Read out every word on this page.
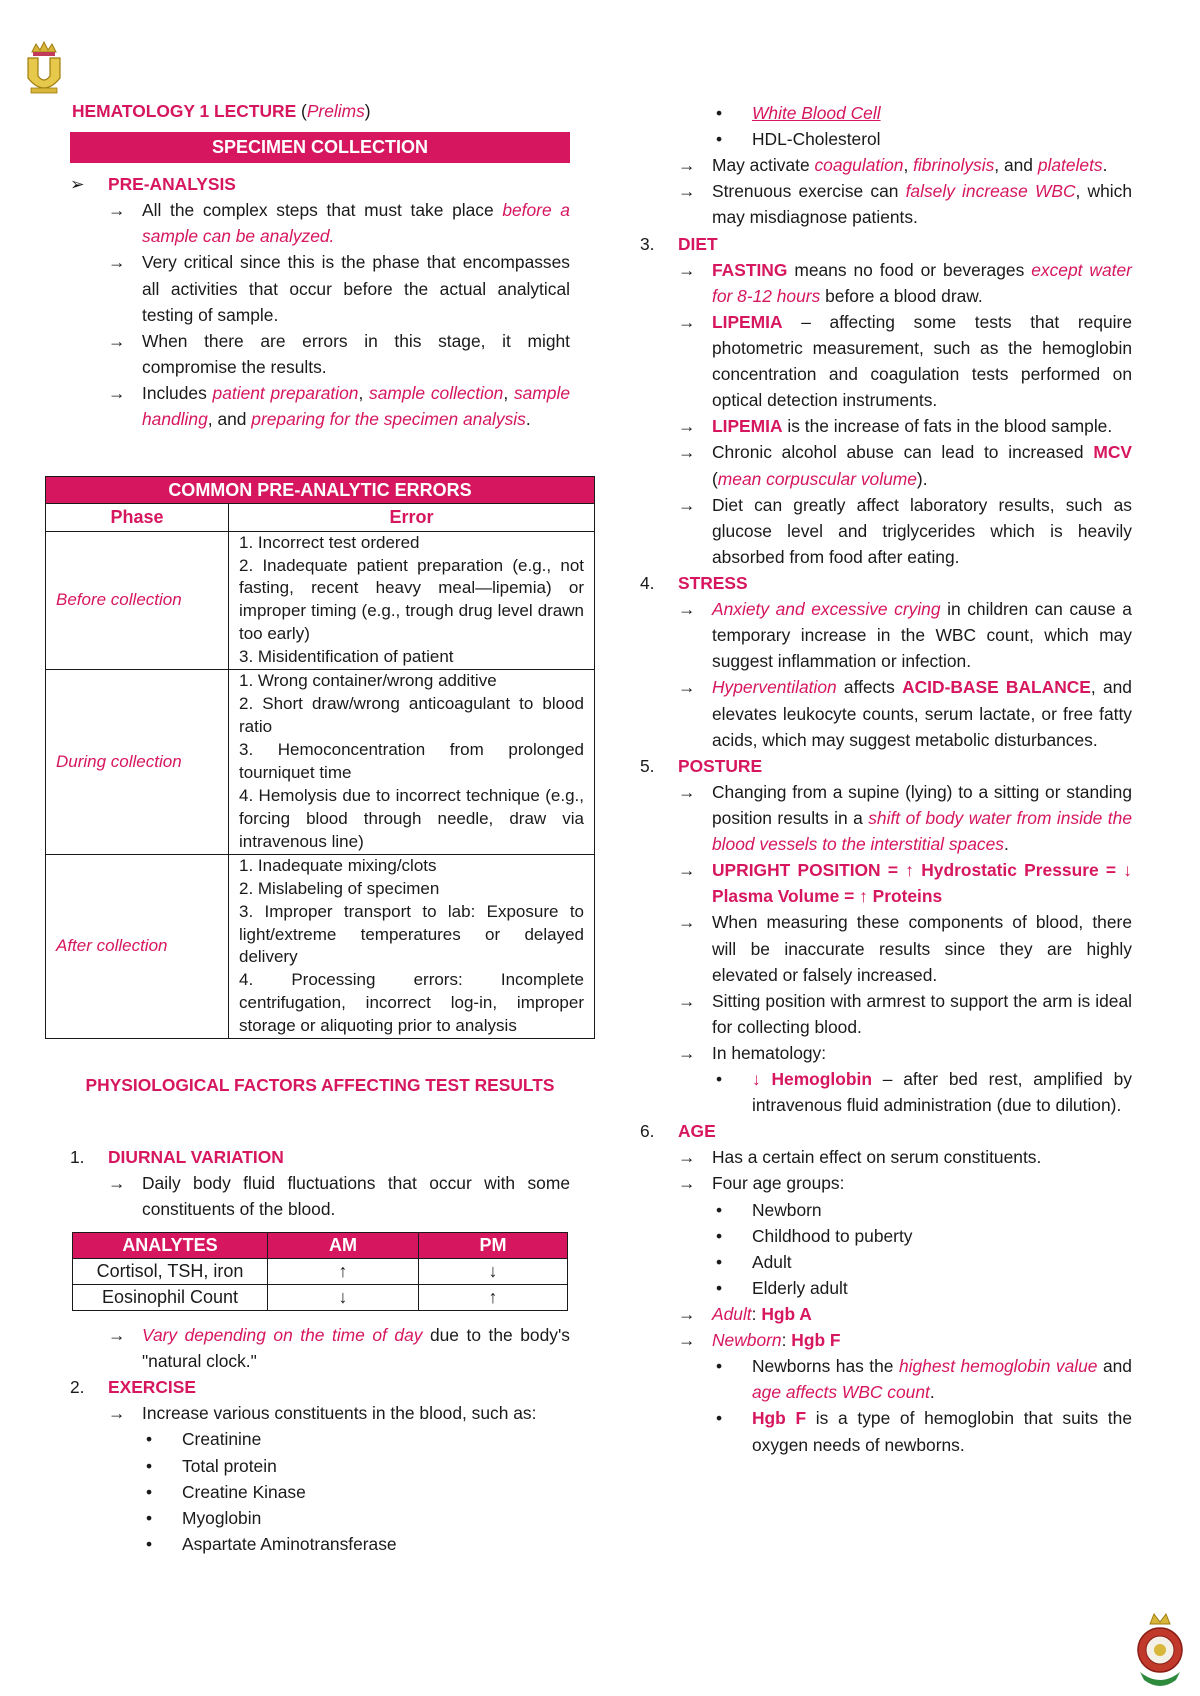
HEMATOLOGY 1 LECTURE (Prelims)
SPECIMEN COLLECTION
➢	PRE-ANALYSIS
→ All the complex steps that must take place before a sample can be analyzed.
→ Very critical since this is the phase that encompasses all activities that occur before the actual analytical testing of sample.
→ When there are errors in this stage, it might compromise the results.
→ Includes patient preparation, sample collection, sample handling, and preparing for the specimen analysis.
COMMON PRE-ANALYTIC ERRORS	
Phase	Error
Before collection	1. Incorrect test ordered
2. Inadequate patient preparation (e.g., not fasting, recent heavy meal—lipemia) or improper timing (e.g., trough drug level drawn too early)
3. Misidentification of patient

During collection	1. Wrong container/wrong additive
2. Short draw/wrong anticoagulant to blood ratio
3. Hemoconcentration from prolonged tourniquet time
4. Hemolysis due to incorrect technique (e.g., forcing blood through needle, draw via intravenous line)

After collection	1. Inadequate mixing/clots
2. Mislabeling of specimen
3. Improper transport to lab: Exposure to light/extreme temperatures or delayed delivery
4. Processing errors: Incomplete centrifugation, incorrect log-in, improper storage or aliquoting prior to analysis
PHYSIOLOGICAL FACTORS AFFECTING TEST RESULTS
1.	DIURNAL VARIATION
→ Daily body fluid fluctuations that occur with some constituents of the blood.
ANALYTES	AM	PM
Cortisol, TSH, iron	↑	↓
Eosinophil Count	↓	↑
→ Vary depending on the time of day due to the body's "natural clock."
2.	EXERCISE
→ Increase various constituents in the blood, such as:
•	Creatinine
•	Total protein
•	Creatine Kinase
•	Myoglobin
•	Aspartate Aminotransferase
•	White Blood Cell
•	HDL-Cholesterol
→ May activate coagulation, fibrinolysis, and platelets.
→ Strenuous exercise can falsely increase WBC, which may misdiagnose patients.
3.	DIET
→ FASTING means no food or beverages except water for 8-12 hours before a blood draw.
→ LIPEMIA – affecting some tests that require photometric measurement, such as the hemoglobin concentration and coagulation tests performed on optical detection instruments.
→ LIPEMIA is the increase of fats in the blood sample.
→ Chronic alcohol abuse can lead to increased MCV (mean corpuscular volume).
→ Diet can greatly affect laboratory results, such as glucose level and triglycerides which is heavily absorbed from food after eating.
4.	STRESS
→ Anxiety and excessive crying in children can cause a temporary increase in the WBC count, which may suggest inflammation or infection.
→ Hyperventilation affects ACID-BASE BALANCE, and elevates leukocyte counts, serum lactate, or free fatty acids, which may suggest metabolic disturbances.
5.	POSTURE
→ Changing from a supine (lying) to a sitting or standing position results in a shift of body water from inside the blood vessels to the interstitial spaces.
→ UPRIGHT POSITION = ↑ Hydrostatic Pressure = ↓ Plasma Volume = ↑ Proteins
→ When measuring these components of blood, there will be inaccurate results since they are highly elevated or falsely increased.
→ Sitting position with armrest to support the arm is ideal for collecting blood.
→ In hematology:
•	↓ Hemoglobin – after bed rest, amplified by intravenous fluid administration (due to dilution).
6.	AGE
→ Has a certain effect on serum constituents.
→ Four age groups:
•	Newborn
•	Childhood to puberty
•	Adult
•	Elderly adult
→ Adult: Hgb A
→ Newborn: Hgb F
•	Newborns has the highest hemoglobin value and age affects WBC count.
•	Hgb F is a type of hemoglobin that suits the oxygen needs of newborns.
